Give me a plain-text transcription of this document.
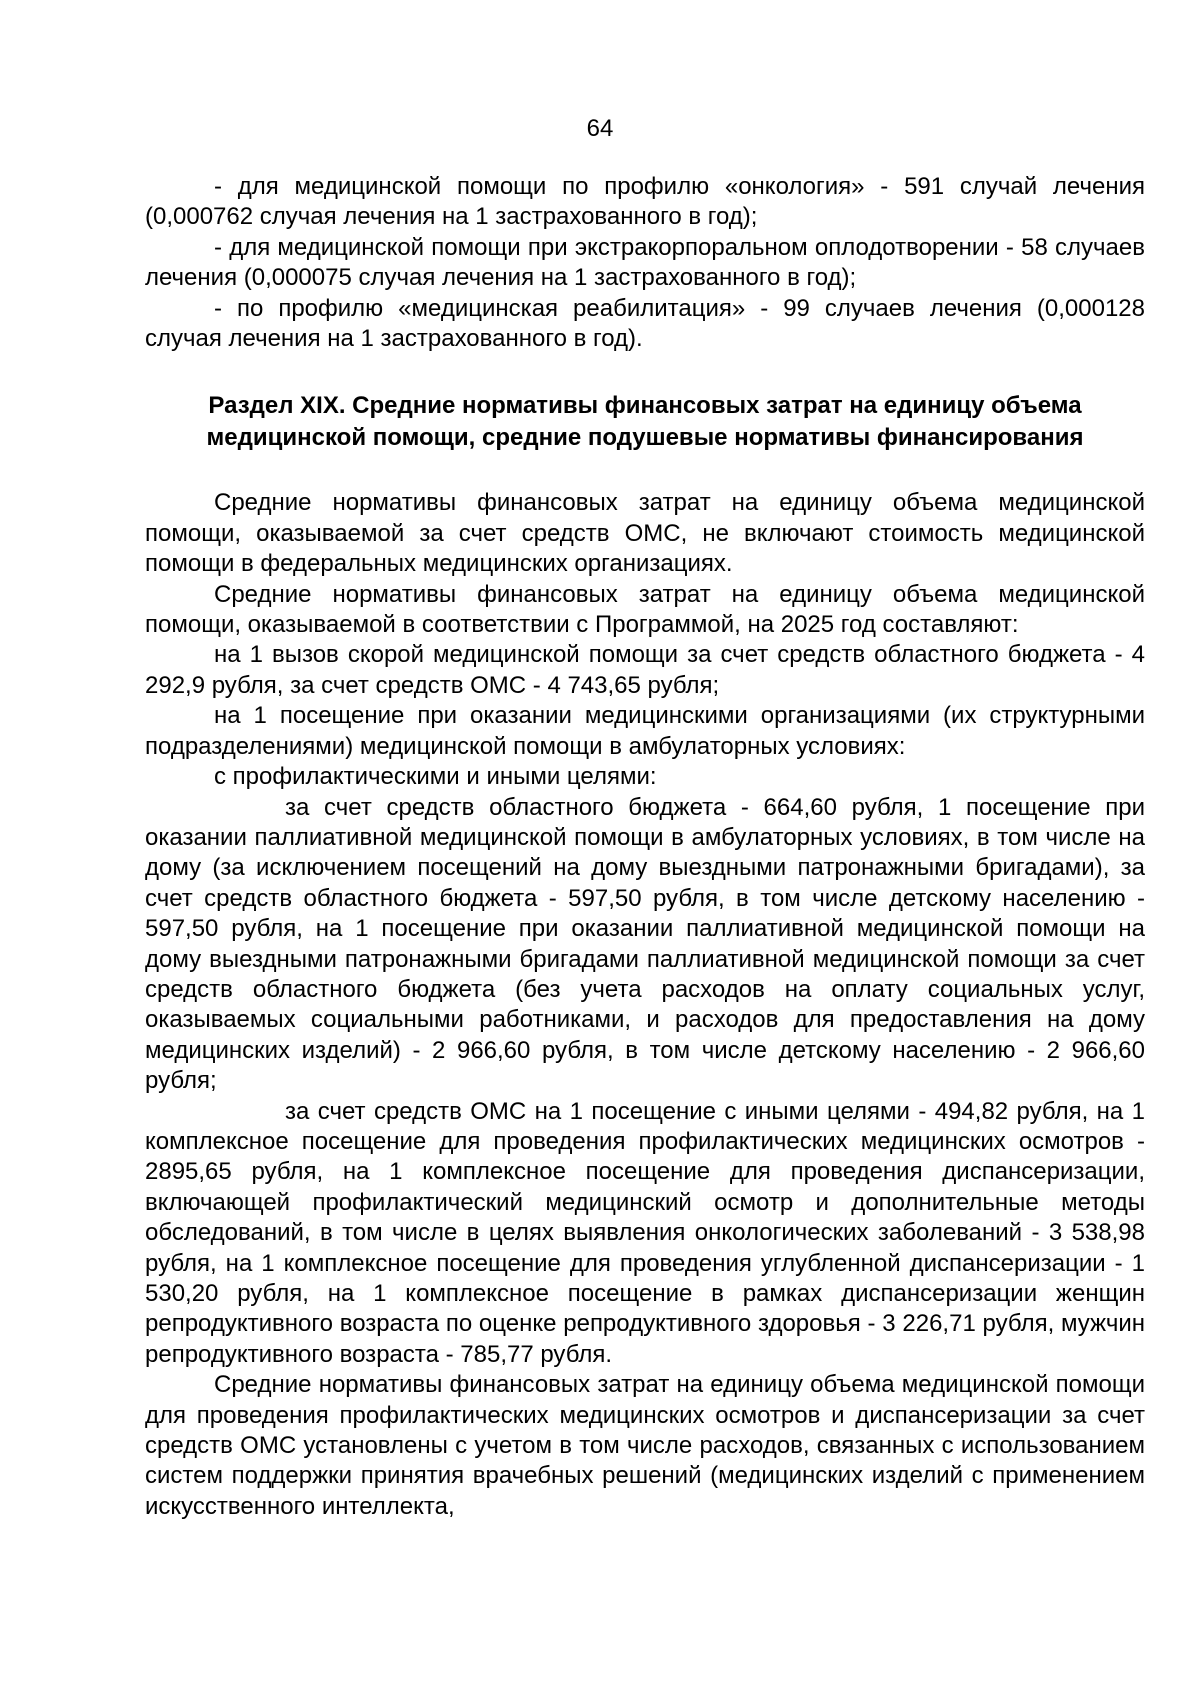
64

- для медицинской помощи по профилю «онкология» - 591 случай лечения (0,000762 случая лечения на 1 застрахованного в год);

- для медицинской помощи при экстракорпоральном оплодотворении - 58 случаев лечения (0,000075 случая лечения на 1 застрахованного в год);

- по профилю «медицинская реабилитация» - 99 случаев лечения (0,000128 случая лечения на 1 застрахованного в год).

Раздел XIX. Средние нормативы финансовых затрат на единицу объема медицинской помощи, средние подушевые нормативы финансирования

Средние нормативы финансовых затрат на единицу объема медицинской помощи, оказываемой за счет средств ОМС, не включают стоимость медицинской помощи в федеральных медицинских организациях.

Средние нормативы финансовых затрат на единицу объема медицинской помощи, оказываемой в соответствии с Программой, на 2025 год составляют:

на 1 вызов скорой медицинской помощи за счет средств областного бюджета - 4 292,9 рубля, за счет средств ОМС - 4 743,65 рубля;

на 1 посещение при оказании медицинскими организациями (их структурными подразделениями) медицинской помощи в амбулаторных условиях:

с профилактическими и иными целями:

за счет средств областного бюджета - 664,60 рубля, 1 посещение при оказании паллиативной медицинской помощи в амбулаторных условиях, в том числе на дому (за исключением посещений на дому выездными патронажными бригадами), за счет средств областного бюджета - 597,50 рубля, в том числе детскому населению - 597,50 рубля, на 1 посещение при оказании паллиативной медицинской помощи на дому выездными патронажными бригадами паллиативной медицинской помощи за счет средств областного бюджета (без учета расходов на оплату социальных услуг, оказываемых социальными работниками, и расходов для предоставления на дому медицинских изделий) - 2 966,60 рубля, в том числе детскому населению - 2 966,60 рубля;

за счет средств ОМС на 1 посещение с иными целями - 494,82 рубля, на 1 комплексное посещение для проведения профилактических медицинских осмотров - 2895,65 рубля, на 1 комплексное посещение для проведения диспансеризации, включающей профилактический медицинский осмотр и дополнительные методы обследований, в том числе в целях выявления онкологических заболеваний - 3 538,98 рубля, на 1 комплексное посещение для проведения углубленной диспансеризации - 1 530,20 рубля, на 1 комплексное посещение в рамках диспансеризации женщин репродуктивного возраста по оценке репродуктивного здоровья - 3 226,71 рубля, мужчин репродуктивного возраста - 785,77 рубля.

Средние нормативы финансовых затрат на единицу объема медицинской помощи для проведения профилактических медицинских осмотров и диспансеризации за счет средств ОМС установлены с учетом в том числе расходов, связанных с использованием систем поддержки принятия врачебных решений (медицинских изделий с применением искусственного интеллекта,
